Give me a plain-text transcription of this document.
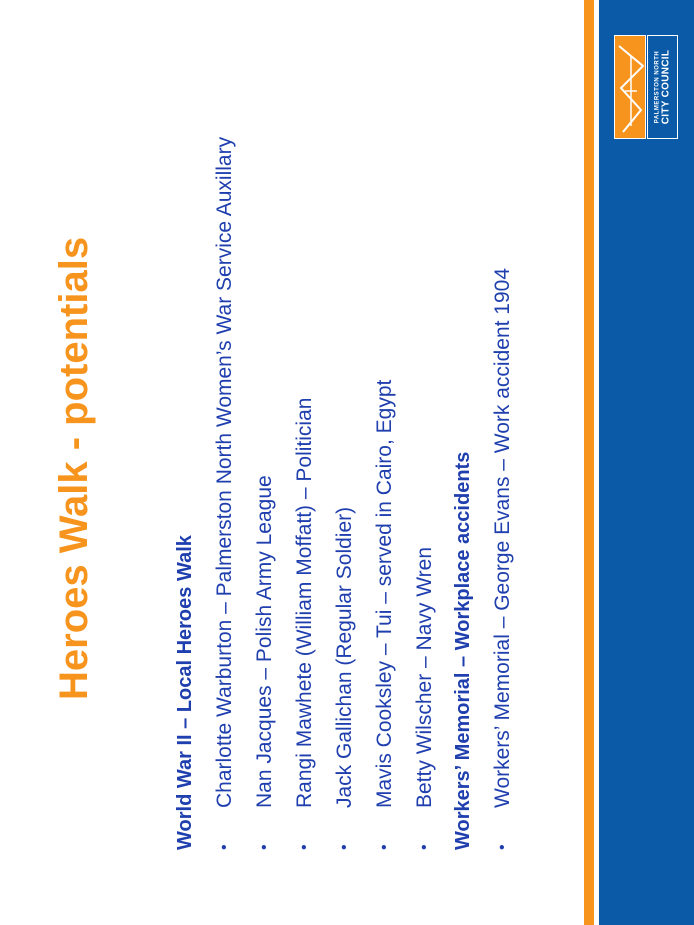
PALMERSTON NORTH CITY COUNCIL
Heroes Walk - potentials	World War II – Local Heroes Walk •
Charlotte Warburton – Palmerston North Women’s War Service Auxillary
•
Nan Jacques – Polish Army League
•
Rangi Mawhete (William Moffatt) – Politician
•
Jack Gallichan (Regular Soldier)
•
Mavis Cooksley – Tui – served in Cairo, Egypt
•
Betty Wilscher – Navy Wren Workers’ Memorial – Workplace accidents •
Workers’ Memorial – George Evans – Work accident 1904
